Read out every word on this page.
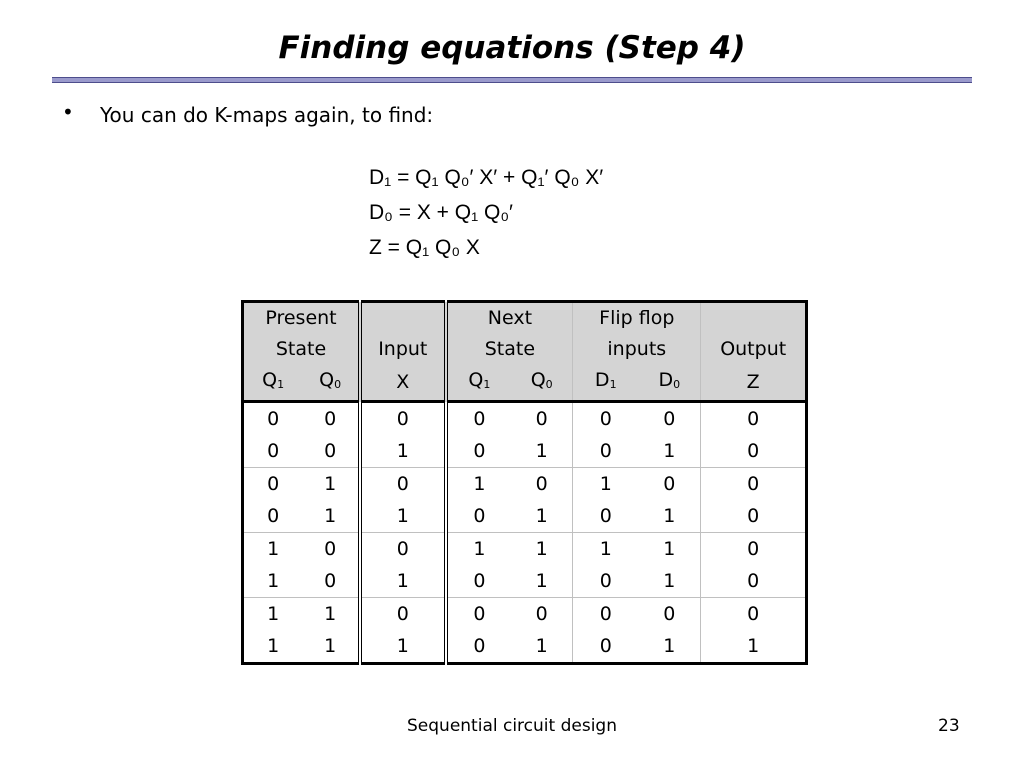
Finding equations (Step 4)
• You can do K-maps again, to find:
D₁ = Q₁ Q₀′ X′ + Q₁′ Q₀ X′
D₀ = X + Q₁ Q₀′
Z = Q₁ Q₀ X
Present			Next		Flip flop		
State		Input	State		inputs		Output
$Q_1$	$Q_0$	X	$Q_1$	$Q_0$	$D_1$	$D_0$	Z
0	0	0	0	0	0	0	0
0	0	1	0	1	0	1	0
0	1	0	1	0	1	0	0
0	1	1	0	1	0	1	0
1	0	0	1	1	1	1	0
1	0	1	0	1	0	1	0
1	1	0	0	0	0	0	0
1	1	1	0	1	0	1	1
Sequential circuit design	23
